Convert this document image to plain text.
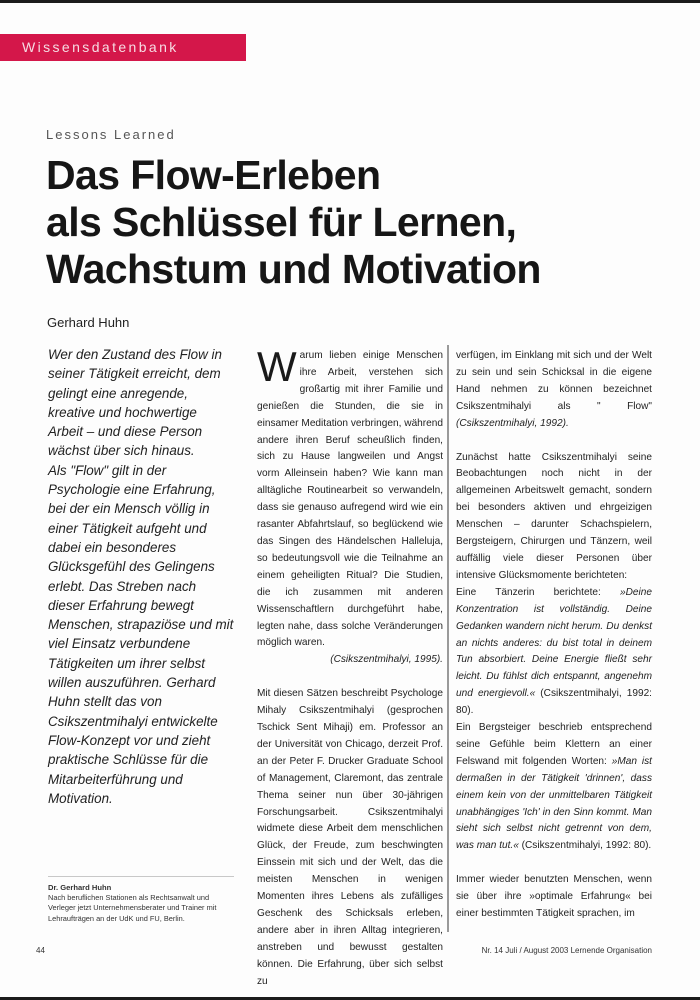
Wissensdatenbank
Lessons Learned
Das Flow-Erleben
als Schlüssel für Lernen,
Wachstum und Motivation
Gerhard Huhn

Wer den Zustand des Flow in seiner Tätigkeit erreicht, dem gelingt eine anregende, kreative und hochwertige Arbeit – und diese Person wächst über sich hinaus.

Als "Flow" gilt in der Psychologie eine Erfahrung, bei der ein Mensch völlig in einer Tätigkeit aufgeht und dabei ein besonderes Glücksgefühl des Gelingens erlebt. Das Streben nach dieser Erfahrung bewegt Menschen, strapaziöse und mit viel Einsatz verbundene Tätigkeiten um ihrer selbst willen auszuführen. Gerhard Huhn stellt das von Csikszentmihalyi entwickelte Flow-Konzept vor und zieht praktische Schlüsse für die Mitarbeiterführung und Motivation.

Warum lieben einige Menschen ihre Arbeit, verstehen sich großartig mit ihrer Familie und genießen die Stunden, die sie in einsamer Meditation verbringen, während andere ihren Beruf scheußlich finden, sich zu Hause langweilen und Angst vorm Alleinsein haben? Wie kann man alltägliche Routinearbeit so verwandeln, dass sie genauso aufregend wird wie ein rasanter Abfahrtslauf, so beglückend wie das Singen des Händelschen Halleluja, so bedeutungsvoll wie die Teilnahme an einem geheiligten Ritual? Die Studien, die ich zusammen mit anderen Wissenschaftlern durchgeführt habe, legten nahe, dass solche Veränderungen möglich waren.

(Csikszentmihalyi, 1995).

Mit diesen Sätzen beschreibt Psychologe Mihaly Csikszentmihalyi (gesprochen Tschick Sent Mihaji) em. Professor an der Universität von Chicago, derzeit Prof. an der Peter F. Drucker Graduate School of Management, Claremont, das zentrale Thema seiner nun über 30-jährigen Forschungsarbeit. Csikszentmihalyi widmete diese Arbeit dem menschlichen Glück, der Freude, zum beschwingten Einssein mit sich und der Welt, das die meisten Menschen in wenigen Momenten ihres Lebens als zufälliges Geschenk des Schicksals erleben, andere aber in ihren Alltag integrieren, anstreben und bewusst gestalten können. Die Erfahrung, über sich selbst zu

verfügen, im Einklang mit sich und der Welt zu sein und sein Schicksal in die eigene Hand nehmen zu können bezeichnet Csikszentmihalyi als " Flow" (Csikszentmihalyi, 1992).

Zunächst hatte Csikszentmihalyi seine Beobachtungen noch nicht in der allgemeinen Arbeitswelt gemacht, sondern bei besonders aktiven und ehrgeizigen Menschen – darunter Schachspielern, Bergsteigern, Chirurgen und Tänzern, weil auffällig viele dieser Personen über intensive Glücksmomente berichteten:

Eine Tänzerin berichtete: »Deine Konzentration ist vollständig. Deine Gedanken wandern nicht herum. Du denkst an nichts anderes: du bist total in deinem Tun absorbiert. Deine Energie fließt sehr leicht. Du fühlst dich entspannt, angenehm und energievoll.« (Csikszentmihalyi, 1992: 80).

Ein Bergsteiger beschrieb entsprechend seine Gefühle beim Klettern an einer Felswand mit folgenden Worten: »Man ist dermaßen in der Tätigkeit 'drinnen', dass einem kein von der unmittelbaren Tätigkeit unabhängiges 'Ich' in den Sinn kommt. Man sieht sich selbst nicht getrennt von dem, was man tut.« (Csikszentmihalyi, 1992: 80).

Immer wieder benutzten Menschen, wenn sie über ihre »optimale Erfahrung« bei einer bestimmten Tätigkeit sprachen, im

Dr. Gerhard Huhn
Nach beruflichen Stationen als Rechtsanwalt und Verleger jetzt Unternehmensberater und Trainer mit Lehraufträgen an der UdK und FU, Berlin.
44	Nr. 14 Juli / August 2003 Lernende Organisation
